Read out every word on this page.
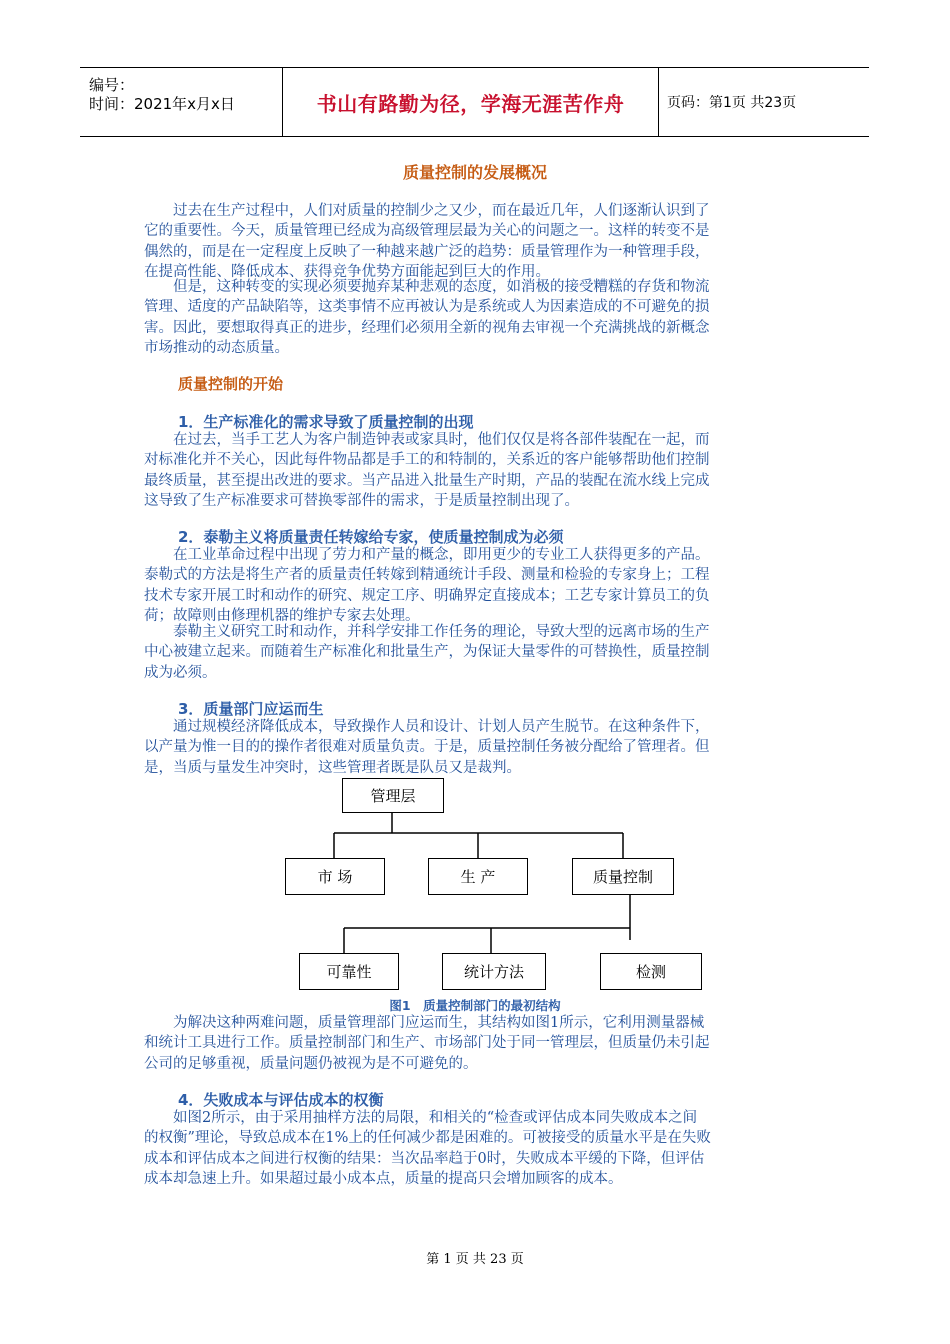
编号：
时间：2021年x月x日	书山有路勤为径，学海无涯苦作舟	页码：第1页 共23页
质量控制的发展概况
　　过去在生产过程中，人们对质量的控制少之又少，而在最近几年，人们逐渐认识到了
它的重要性。今天，质量管理已经成为高级管理层最为关心的问题之一。这样的转变不是
偶然的，而是在一定程度上反映了一种越来越广泛的趋势：质量管理作为一种管理手段，
在提高性能、降低成本、获得竞争优势方面能起到巨大的作用。
　　但是，这种转变的实现必须要抛弃某种悲观的态度，如消极的接受糟糕的存货和物流
管理、适度的产品缺陷等，这类事情不应再被认为是系统或人为因素造成的不可避免的损
害。因此，要想取得真正的进步，经理们必须用全新的视角去审视一个充满挑战的新概念
市场推动的动态质量。
质量控制的开始
1．生产标准化的需求导致了质量控制的出现
　　在过去，当手工艺人为客户制造钟表或家具时，他们仅仅是将各部件装配在一起，而
对标准化并不关心，因此每件物品都是手工的和特制的，关系近的客户能够帮助他们控制
最终质量，甚至提出改进的要求。当产品进入批量生产时期，产品的装配在流水线上完成
这导致了生产标准要求可替换零部件的需求，于是质量控制出现了。
2．泰勒主义将质量责任转嫁给专家，使质量控制成为必须
　　在工业革命过程中出现了劳力和产量的概念，即用更少的专业工人获得更多的产品。
泰勒式的方法是将生产者的质量责任转嫁到精通统计手段、测量和检验的专家身上；工程
技术专家开展工时和动作的研究、规定工序、明确界定直接成本；工艺专家计算员工的负
荷；故障则由修理机器的维护专家去处理。
　　泰勒主义研究工时和动作，并科学安排工作任务的理论，导致大型的远离市场的生产
中心被建立起来。而随着生产标准化和批量生产，为保证大量零件的可替换性，质量控制
成为必须。
3．质量部门应运而生
　　通过规模经济降低成本，导致操作人员和设计、计划人员产生脱节。在这种条件下，
以产量为惟一目的的操作者很难对质量负责。于是，质量控制任务被分配给了管理者。但
是，当质与量发生冲突时，这些管理者既是队员又是裁判。
管理层
市 场	生 产	质量控制
可靠性	统计方法	检测
图1　质量控制部门的最初结构
　　为解决这种两难问题，质量管理部门应运而生，其结构如图1所示，它利用测量器械
和统计工具进行工作。质量控制部门和生产、市场部门处于同一管理层，但质量仍未引起
公司的足够重视，质量问题仍被视为是不可避免的。
4．失败成本与评估成本的权衡
　　如图2所示，由于采用抽样方法的局限，和相关的“检查或评估成本同失败成本之间
的权衡”理论，导致总成本在1%上的任何减少都是困难的。可被接受的质量水平是在失败
成本和评估成本之间进行权衡的结果：当次品率趋于0时，失败成本平缓的下降，但评估
成本却急速上升。如果超过最小成本点，质量的提高只会增加顾客的成本。
第 1 页 共 23 页
